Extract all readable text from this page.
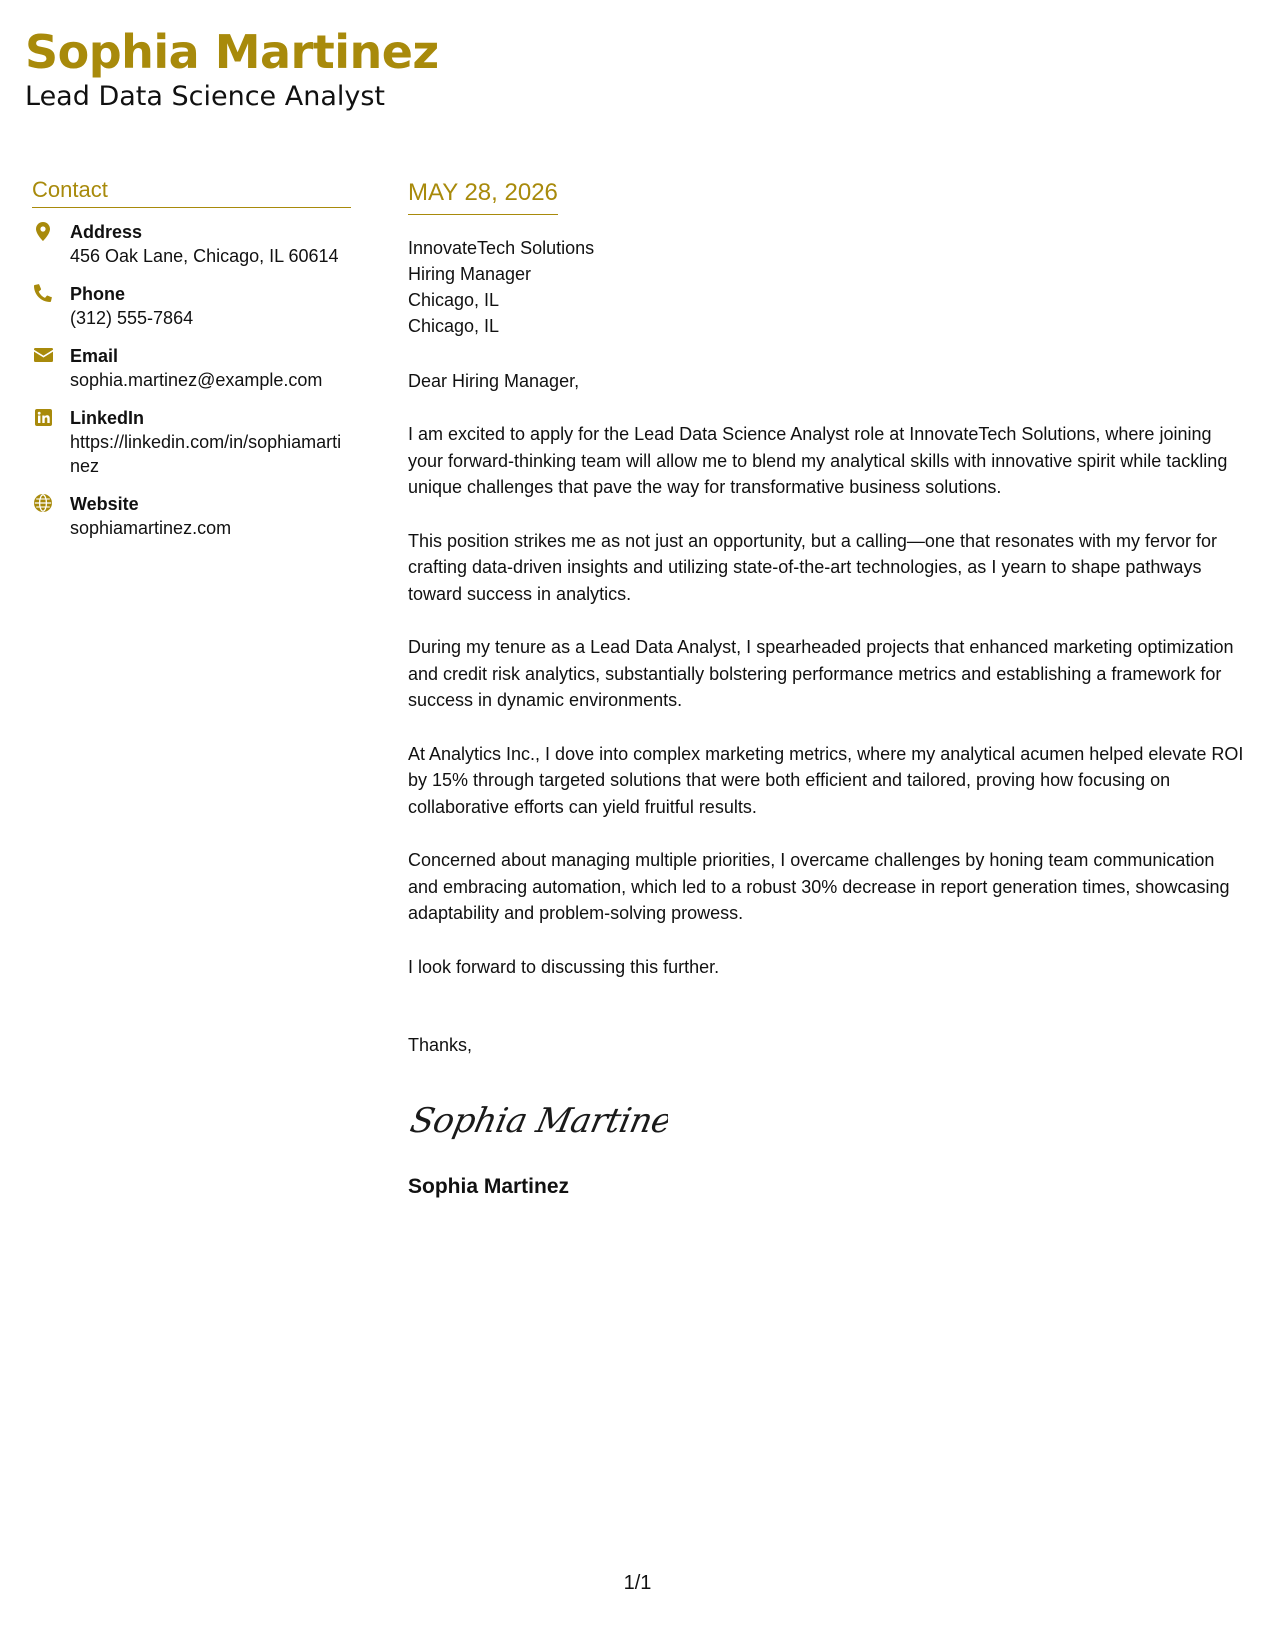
Sophia Martinez
Lead Data Science Analyst
Contact
Address
456 Oak Lane, Chicago, IL 60614
Phone
(312) 555-7864
Email
sophia.martinez@example.com
LinkedIn
https://linkedin.com/in/sophiamartinez
Website
sophiamartinez.com
MAY 28, 2026
InnovateTech Solutions
Hiring Manager
Chicago, IL
Chicago, IL
Dear Hiring Manager,

I am excited to apply for the Lead Data Science Analyst role at InnovateTech Solutions, where joining your forward-thinking team will allow me to blend my analytical skills with innovative spirit while tackling unique challenges that pave the way for transformative business solutions.

This position strikes me as not just an opportunity, but a calling—one that resonates with my fervor for crafting data-driven insights and utilizing state-of-the-art technologies, as I yearn to shape pathways toward success in analytics.

During my tenure as a Lead Data Analyst, I spearheaded projects that enhanced marketing optimization and credit risk analytics, substantially bolstering performance metrics and establishing a framework for success in dynamic environments.

At Analytics Inc., I dove into complex marketing metrics, where my analytical acumen helped elevate ROI by 15% through targeted solutions that were both efficient and tailored, proving how focusing on collaborative efforts can yield fruitful results.

Concerned about managing multiple priorities, I overcame challenges by honing team communication and embracing automation, which led to a robust 30% decrease in report generation times, showcasing adaptability and problem-solving prowess.

I look forward to discussing this further.

Thanks,
Sophia Martinez
Sophia Martinez
1/1
